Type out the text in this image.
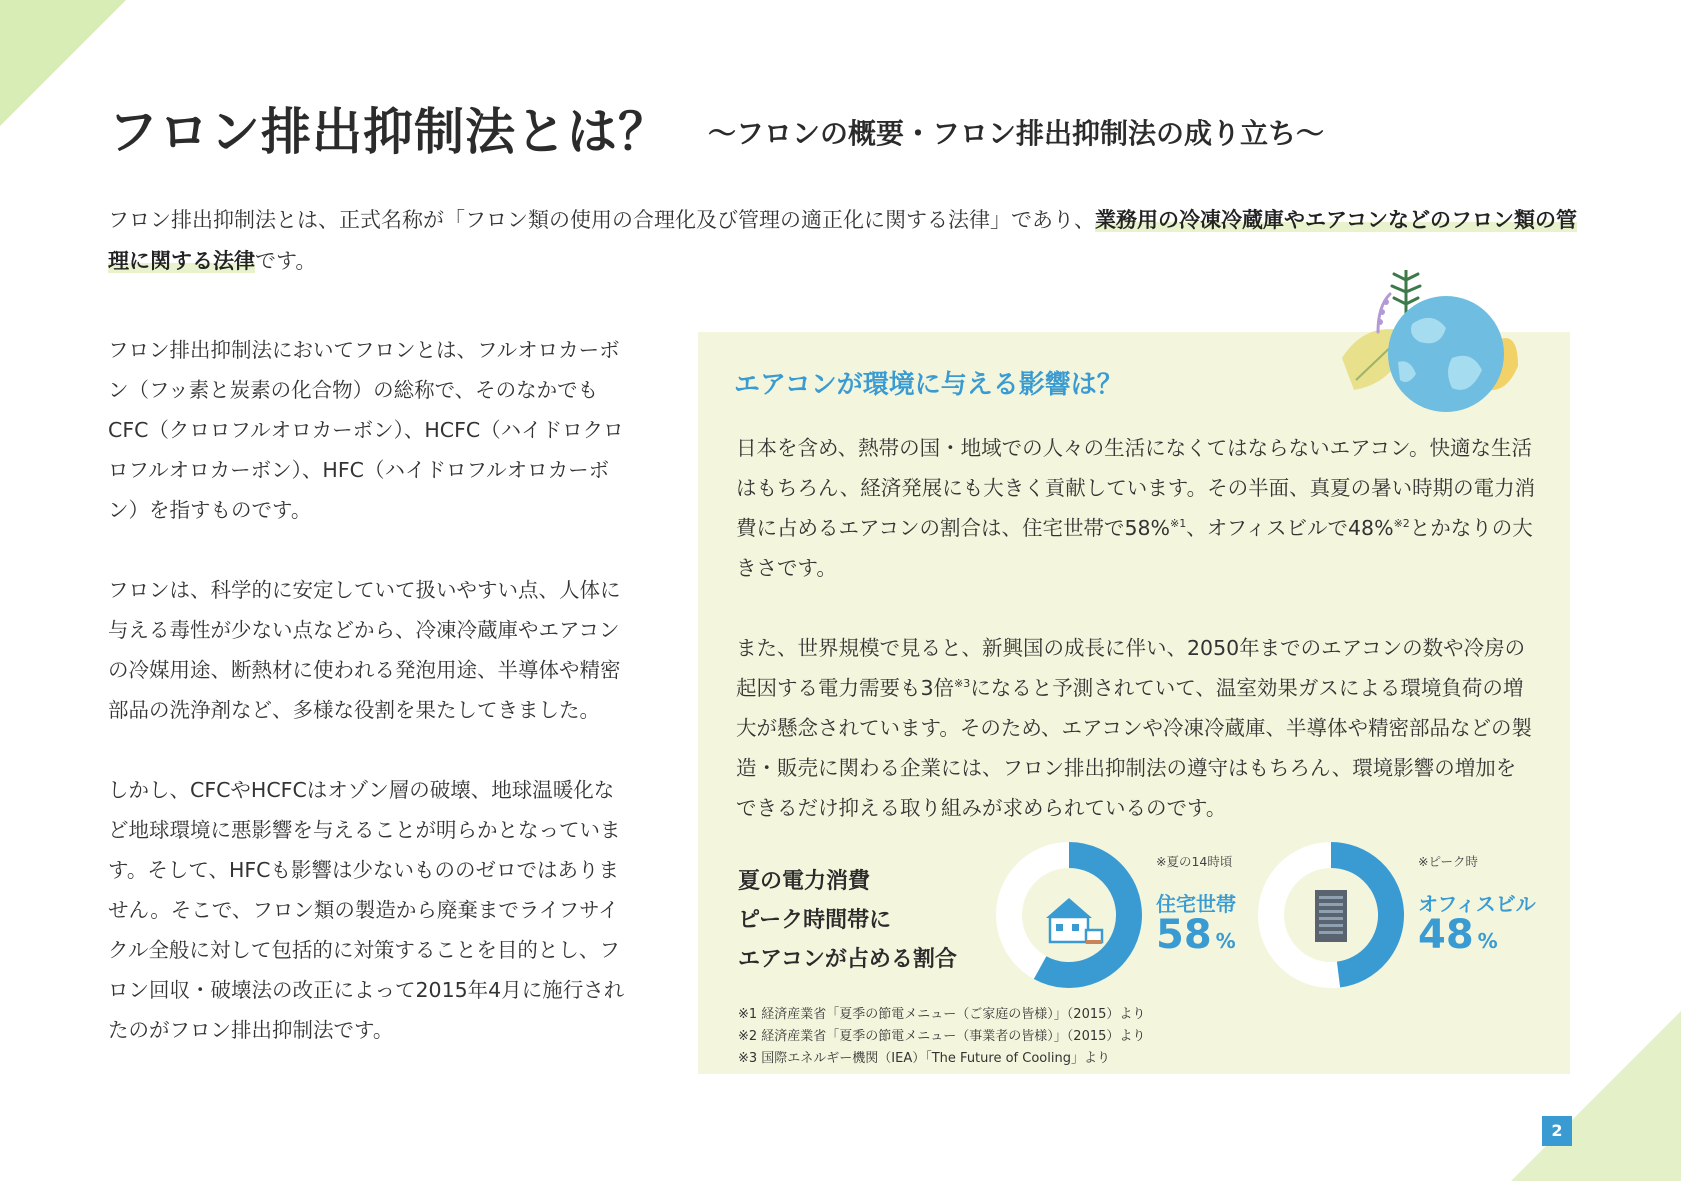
フロン排出抑制法とは？ 〜フロンの概要・フロン排出抑制法の成り立ち〜
フロン排出抑制法とは、正式名称が「フロン類の使用の合理化及び管理の適正化に関する法律」であり、業務用の冷凍冷蔵庫やエアコンなどのフロン類の管理に関する法律です。

フロン排出抑制法においてフロンとは、フルオロカーボン（フッ素と炭素の化合物）の総称で、そのなかでもCFC（クロロフルオロカーボン）、HCFC（ハイドロクロロフルオロカーボン）、HFC（ハイドロフルオロカーボン）を指すものです。

フロンは、科学的に安定していて扱いやすい点、人体に与える毒性が少ない点などから、冷凍冷蔵庫やエアコンの冷媒用途、断熱材に使われる発泡用途、半導体や精密部品の洗浄剤など、多様な役割を果たしてきました。

しかし、CFCやHCFCはオゾン層の破壊、地球温暖化など地球環境に悪影響を与えることが明らかとなっています。そして、HFCも影響は少ないもののゼロではありません。そこで、フロン類の製造から廃棄までライフサイクル全般に対して包括的に対策することを目的とし、フロン回収・破壊法の改正によって2015年4月に施行されたのがフロン排出抑制法です。

エアコンが環境に与える影響は？

日本を含め、熱帯の国・地域での人々の生活になくてはならないエアコン。快適な生活はもちろん、経済発展にも大きく貢献しています。その半面、真夏の暑い時期の電力消費に占めるエアコンの割合は、住宅世帯で58%$^{※1}$、オフィスビルで48%$^{※2}$とかなりの大きさです。

また、世界規模で見ると、新興国の成長に伴い、2050年までのエアコンの数や冷房の起因する電力需要も3倍$^{※3}$になると予測されていて、温室効果ガスによる環境負荷の増大が懸念されています。そのため、エアコンや冷凍冷蔵庫、半導体や精密部品などの製造・販売に関わる企業には、フロン排出抑制法の遵守はもちろん、環境影響の増加をできるだけ抑える取り組みが求められているのです。

夏の電力消費
ピーク時間帯に
エアコンが占める割合
※夏の14時頃
住宅世帯
58 %
※ピーク時
オフィスビル
48 %
※1 経済産業省「夏季の節電メニュー（ご家庭の皆様）」（2015）より
※2 経済産業省「夏季の節電メニュー（事業者の皆様）」（2015）より
※3 国際エネルギー機関（IEA）「The Future of Cooling」より
2
